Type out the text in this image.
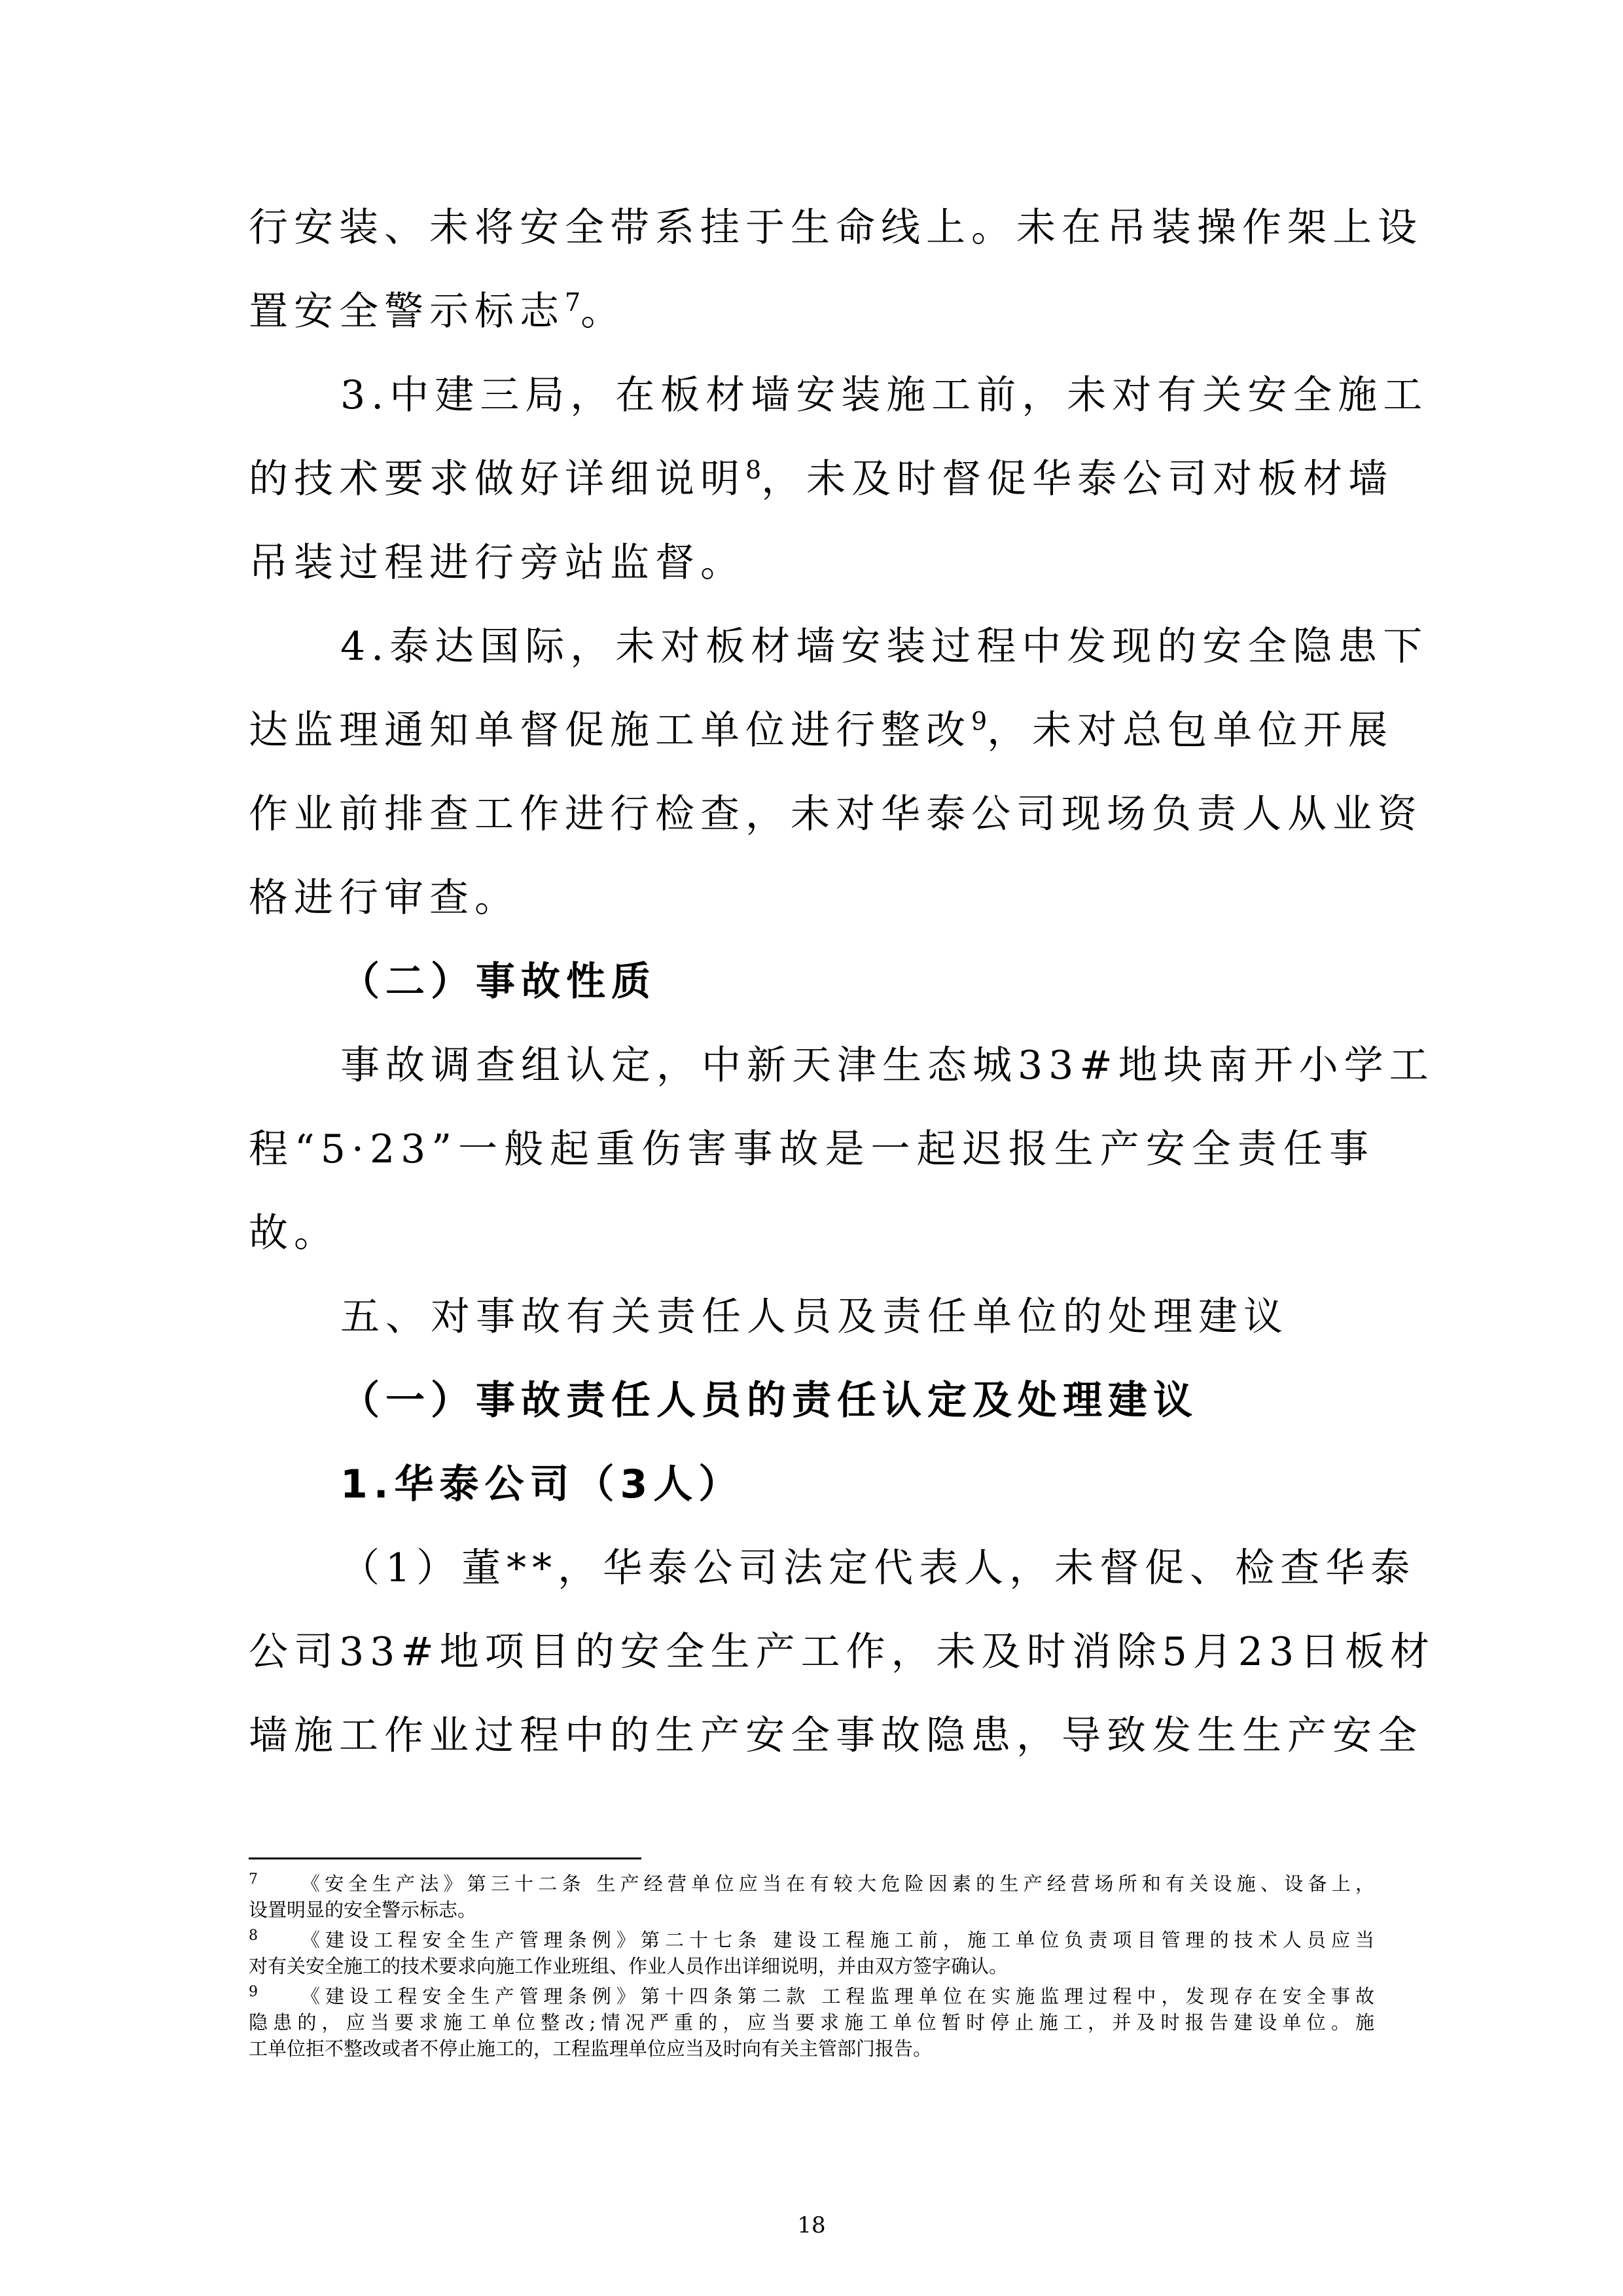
行安装、未将安全带系挂于生命线上。未在吊装操作架上设
置安全警示标志$^7$。
3.中建三局，在板材墙安装施工前，未对有关安全施工
的技术要求做好详细说明$^8$，未及时督促华泰公司对板材墙
吊装过程进行旁站监督。
4.泰达国际，未对板材墙安装过程中发现的安全隐患下
达监理通知单督促施工单位进行整改$^9$，未对总包单位开展
作业前排查工作进行检查，未对华泰公司现场负责人从业资
格进行审查。
（二）事故性质
事故调查组认定，中新天津生态城33#地块南开小学工
程“5·23”一般起重伤害事故是一起迟报生产安全责任事
故。
五、对事故有关责任人员及责任单位的处理建议
（一）事故责任人员的责任认定及处理建议
1.华泰公司（3人）
（1）董**，华泰公司法定代表人，未督促、检查华泰
公司33#地项目的安全生产工作，未及时消除5月23日板材
墙施工作业过程中的生产安全事故隐患，导致发生生产安全
7	《安全生产法》第三十二条 生产经营单位应当在有较大危险因素的生产经营场所和有关设施、设备上，
设置明显的安全警示标志。
8	《建设工程安全生产管理条例》第二十七条 建设工程施工前，施工单位负责项目管理的技术人员应当
对有关安全施工的技术要求向施工作业班组、作业人员作出详细说明，并由双方签字确认。
9	《建设工程安全生产管理条例》第十四条第二款 工程监理单位在实施监理过程中，发现存在安全事故
隐患的，应当要求施工单位整改;情况严重的，应当要求施工单位暂时停止施工，并及时报告建设单位。施
工单位拒不整改或者不停止施工的，工程监理单位应当及时向有关主管部门报告。
18
